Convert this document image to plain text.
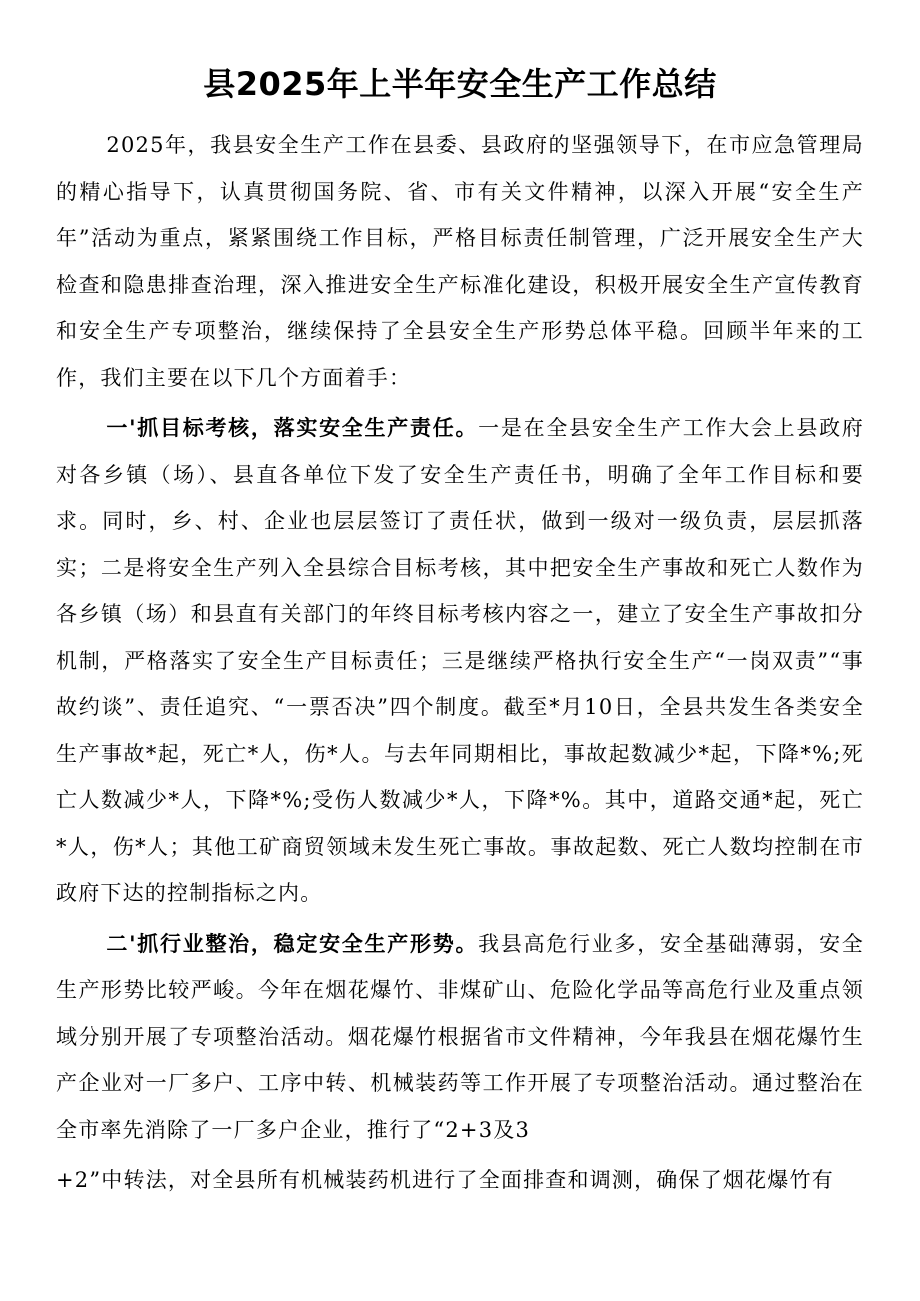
县2025年上半年安全生产工作总结

2025年，我县安全生产工作在县委、县政府的坚强领导下，在市应急管理局的精心指导下，认真贯彻国务院、省、市有关文件精神，以深入开展“安全生产年”活动为重点，紧紧围绕工作目标，严格目标责任制管理，广泛开展安全生产大检查和隐患排查治理，深入推进安全生产标准化建设，积极开展安全生产宣传教育和安全生产专项整治，继续保持了全县安全生产形势总体平稳。回顾半年来的工作，我们主要在以下几个方面着手：

一'抓目标考核，落实安全生产责任。一是在全县安全生产工作大会上县政府对各乡镇（场）、县直各单位下发了安全生产责任书，明确了全年工作目标和要求。同时，乡、村、企业也层层签订了责任状，做到一级对一级负责，层层抓落实；二是将安全生产列入全县综合目标考核，其中把安全生产事故和死亡人数作为各乡镇（场）和县直有关部门的年终目标考核内容之一，建立了安全生产事故扣分机制，严格落实了安全生产目标责任；三是继续严格执行安全生产“一岗双责”“事故约谈”、责任追究、“一票否决”四个制度。截至*月10日，全县共发生各类安全生产事故*起，死亡*人，伤*人。与去年同期相比，事故起数减少*起，下降*%;死亡人数减少*人，下降*%;受伤人数减少*人，下降*%。其中，道路交通*起，死亡*人，伤*人；其他工矿商贸领域未发生死亡事故。事故起数、死亡人数均控制在市政府下达的控制指标之内。

二'抓行业整治，稳定安全生产形势。我县高危行业多，安全基础薄弱，安全生产形势比较严峻。今年在烟花爆竹、非煤矿山、危险化学品等高危行业及重点领域分别开展了专项整治活动。烟花爆竹根据省市文件精神，今年我县在烟花爆竹生产企业对一厂多户、工序中转、机械装药等工作开展了专项整治活动。通过整治在全市率先消除了一厂多户企业，推行了“2+3及3

+2”中转法，对全县所有机械装药机进行了全面排查和调测，确保了烟花爆竹有
